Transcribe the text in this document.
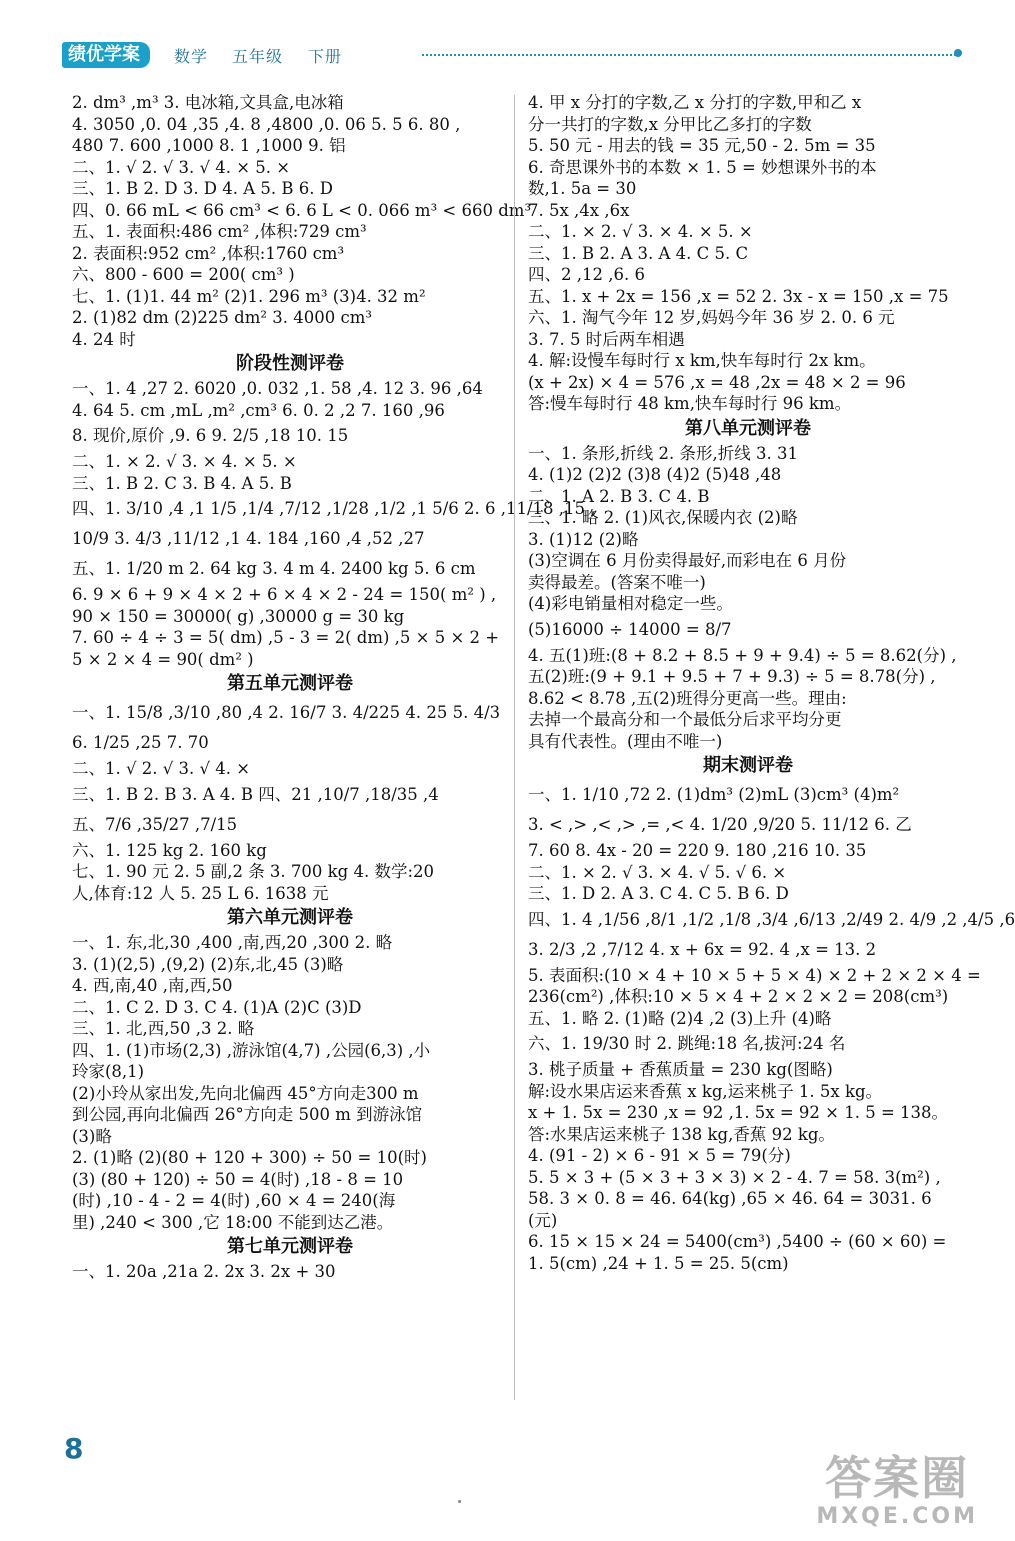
绩优学案	数学 五年级 下册
2. dm³ ,m³ 3. 电冰箱,文具盒,电冰箱
4. 3050 ,0. 04 ,35 ,4. 8 ,4800 ,0. 06 5. 5 6. 80 ,
480 7. 600 ,1000 8. 1 ,1000 9. 铝
二、1. √ 2. √ 3. √ 4. × 5. ×
三、1. B 2. D 3. D 4. A 5. B 6. D
四、0. 66 mL < 66 cm³ < 6. 6 L < 0. 066 m³ < 660 dm³
五、1. 表面积:486 cm² ,体积:729 cm³
2. 表面积:952 cm² ,体积:1760 cm³
六、800 - 600 = 200( cm³ )
七、1. (1)1. 44 m² (2)1. 296 m³ (3)4. 32 m²
2. (1)82 dm (2)225 dm² 3. 4000 cm³
4. 24 时
阶段性测评卷
一、1. 4 ,27 2. 6020 ,0. 032 ,1. 58 ,4. 12 3. 96 ,64
4. 64 5. cm ,mL ,m² ,cm³ 6. 0. 2 ,2 7. 160 ,96
8. 现价,原价 ,9. 6 9. 2/5 ,18 10. 15
二、1. × 2. √ 3. × 4. × 5. ×
三、1. B 2. C 3. B 4. A 5. B
四、1. 3/10 ,4 ,1 1/5 ,1/4 ,7/12 ,1/28 ,1/2 ,1 5/6 2. 6 ,11/18 ,15 ,
10/9 3. 4/3 ,11/12 ,1 4. 184 ,160 ,4 ,52 ,27
五、1. 1/20 m 2. 64 kg 3. 4 m 4. 2400 kg 5. 6 cm
6. 9 × 6 + 9 × 4 × 2 + 6 × 4 × 2 - 24 = 150( m² ) ,
90 × 150 = 30000( g) ,30000 g = 30 kg
7. 60 ÷ 4 ÷ 3 = 5( dm) ,5 - 3 = 2( dm) ,5 × 5 × 2 +
5 × 2 × 4 = 90( dm² )
第五单元测评卷
一、1. 15/8 ,3/10 ,80 ,4 2. 16/7 3. 4/225 4. 25 5. 4/3
6. 1/25 ,25 7. 70
二、1. √ 2. √ 3. √ 4. ×
三、1. B 2. B 3. A 4. B 四、21 ,10/7 ,18/35 ,4
五、7/6 ,35/27 ,7/15
六、1. 125 kg 2. 160 kg
七、1. 90 元 2. 5 副,2 条 3. 700 kg 4. 数学:20
人,体育:12 人 5. 25 L 6. 1638 元
第六单元测评卷
一、1. 东,北,30 ,400 ,南,西,20 ,300 2. 略
3. (1)(2,5) ,(9,2) (2)东,北,45 (3)略
4. 西,南,40 ,南,西,50
二、1. C 2. D 3. C 4. (1)A (2)C (3)D
三、1. 北,西,50 ,3 2. 略
四、1. (1)市场(2,3) ,游泳馆(4,7) ,公园(6,3) ,小
玲家(8,1)
(2)小玲从家出发,先向北偏西 45°方向走300 m
到公园,再向北偏西 26°方向走 500 m 到游泳馆
(3)略
2. (1)略 (2)(80 + 120 + 300) ÷ 50 = 10(时)
(3) (80 + 120) ÷ 50 = 4(时) ,18 - 8 = 10
(时) ,10 - 4 - 2 = 4(时) ,60 × 4 = 240(海
里) ,240 < 300 ,它 18:00 不能到达乙港。
第七单元测评卷
一、1. 20a ,21a 2. 2x 3. 2x + 30
4. 甲 x 分打的字数,乙 x 分打的字数,甲和乙 x
分一共打的字数,x 分甲比乙多打的字数
5. 50 元 - 用去的钱 = 35 元,50 - 2. 5m = 35
6. 奇思课外书的本数 × 1. 5 = 妙想课外书的本
数,1. 5a = 30
7. 5x ,4x ,6x
二、1. × 2. √ 3. × 4. × 5. ×
三、1. B 2. A 3. A 4. C 5. C
四、2 ,12 ,6. 6
五、1. x + 2x = 156 ,x = 52 2. 3x - x = 150 ,x = 75
六、1. 淘气今年 12 岁,妈妈今年 36 岁 2. 0. 6 元
3. 7. 5 时后两车相遇
4. 解:设慢车每时行 x km,快车每时行 2x km。
(x + 2x) × 4 = 576 ,x = 48 ,2x = 48 × 2 = 96
答:慢车每时行 48 km,快车每时行 96 km。
第八单元测评卷
一、1. 条形,折线 2. 条形,折线 3. 31
4. (1)2 (2)2 (3)8 (4)2 (5)48 ,48
二、1. A 2. B 3. C 4. B
三、1. 略 2. (1)风衣,保暖内衣 (2)略
3. (1)12 (2)略
(3)空调在 6 月份卖得最好,而彩电在 6 月份
卖得最差。(答案不唯一)
(4)彩电销量相对稳定一些。
(5)16000 ÷ 14000 = 8/7
4. 五(1)班:(8 + 8.2 + 8.5 + 9 + 9.4) ÷ 5 = 8.62(分) ,
五(2)班:(9 + 9.1 + 9.5 + 7 + 9.3) ÷ 5 = 8.78(分) ,
8.62 < 8.78 ,五(2)班得分更高一些。理由:
去掉一个最高分和一个最低分后求平均分更
具有代表性。(理由不唯一)
期末测评卷
一、1. 1/10 ,72 2. (1)dm³ (2)mL (3)cm³ (4)m²
3. < ,> ,< ,> ,= ,< 4. 1/20 ,9/20 5. 11/12 6. 乙
7. 60 8. 4x - 20 = 220 9. 180 ,216 10. 35
二、1. × 2. √ 3. × 4. √ 5. √ 6. ×
三、1. D 2. A 3. C 4. C 5. B 6. D
四、1. 4 ,1/56 ,8/1 ,1/2 ,1/8 ,3/4 ,6/13 ,2/49 2. 4/9 ,2 ,4/5 ,6
3. 2/3 ,2 ,7/12 4. x + 6x = 92. 4 ,x = 13. 2
5. 表面积:(10 × 4 + 10 × 5 + 5 × 4) × 2 + 2 × 2 × 4 =
236(cm²) ,体积:10 × 5 × 4 + 2 × 2 × 2 = 208(cm³)
五、1. 略 2. (1)略 (2)4 ,2 (3)上升 (4)略
六、1. 19/30 时 2. 跳绳:18 名,拔河:24 名
3. 桃子质量 + 香蕉质量 = 230 kg(图略)
解:设水果店运来香蕉 x kg,运来桃子 1. 5x kg。
x + 1. 5x = 230 ,x = 92 ,1. 5x = 92 × 1. 5 = 138。
答:水果店运来桃子 138 kg,香蕉 92 kg。
4. (91 - 2) × 6 - 91 × 5 = 79(分)
5. 5 × 3 + (5 × 3 + 3 × 3) × 2 - 4. 7 = 58. 3(m²) ,
58. 3 × 0. 8 = 46. 64(kg) ,65 × 46. 64 = 3031. 6
(元)
6. 15 × 15 × 24 = 5400(cm³) ,5400 ÷ (60 × 60) =
1. 5(cm) ,24 + 1. 5 = 25. 5(cm)
8
答案圈
MXQE.COM
